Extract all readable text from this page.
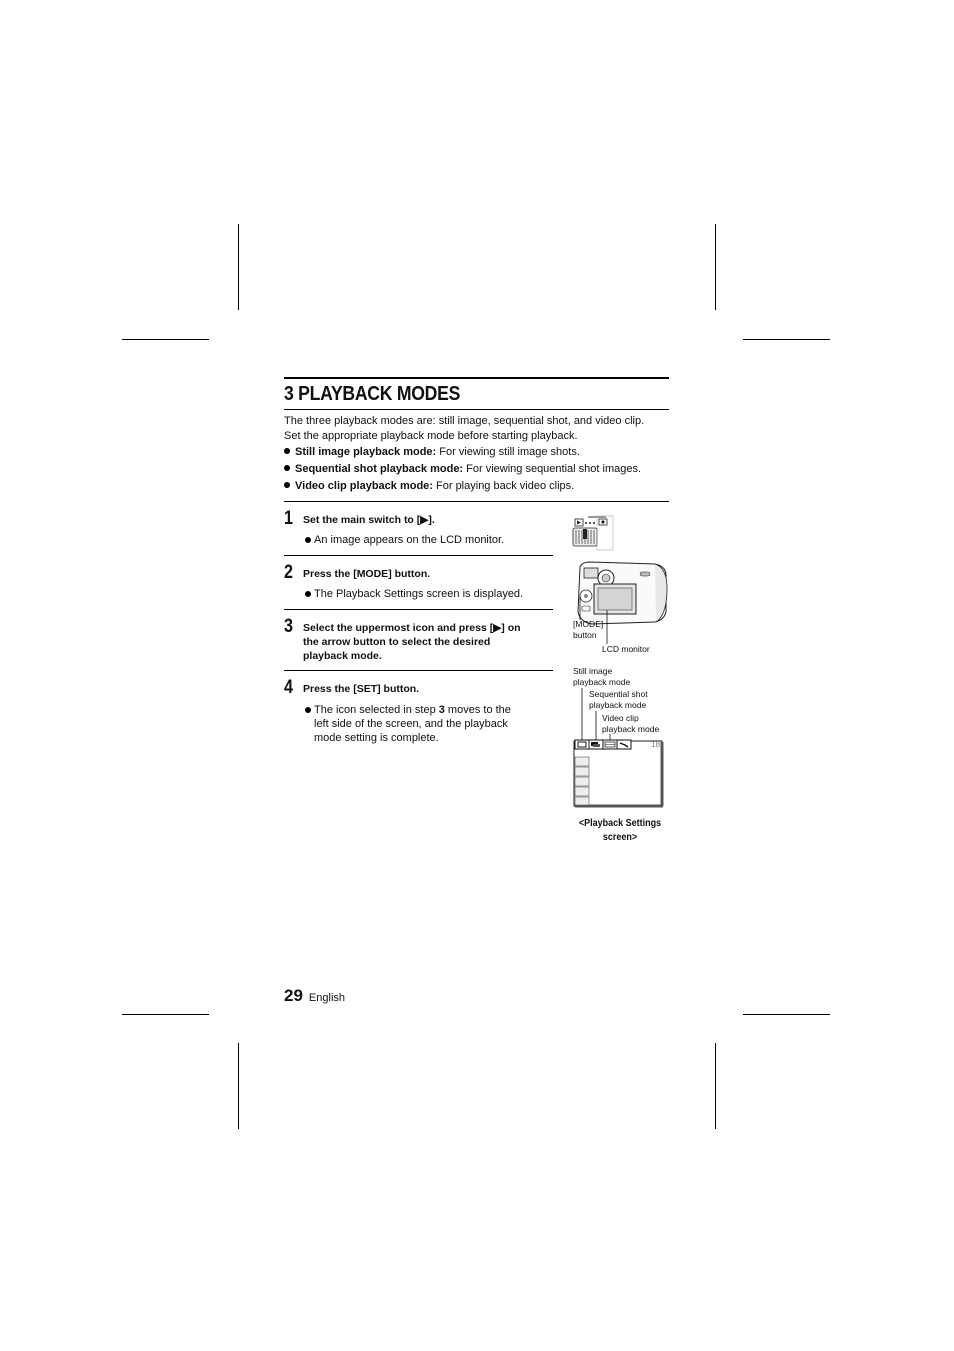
3 PLAYBACK MODES
The three playback modes are: still image, sequential shot, and video clip.
Set the appropriate playback mode before starting playback.
Still image playback mode: For viewing still image shots.
Sequential shot playback mode: For viewing sequential shot images.
Video clip playback mode: For playing back video clips.
1 Set the main switch to [▶].
An image appears on the LCD monitor.
2 Press the [MODE] button.
The Playback Settings screen is displayed.
3 Select the uppermost icon and press [▶] on the arrow button to select the desired playback mode.
4 Press the [SET] button.
The icon selected in step 3 moves to the left side of the screen, and the playback mode setting is complete.
[MODE]
button
LCD monitor
Still image
playback mode
Sequential shot
playback mode
Video clip
playback mode
18
<Playback Settings
screen>
29 English
